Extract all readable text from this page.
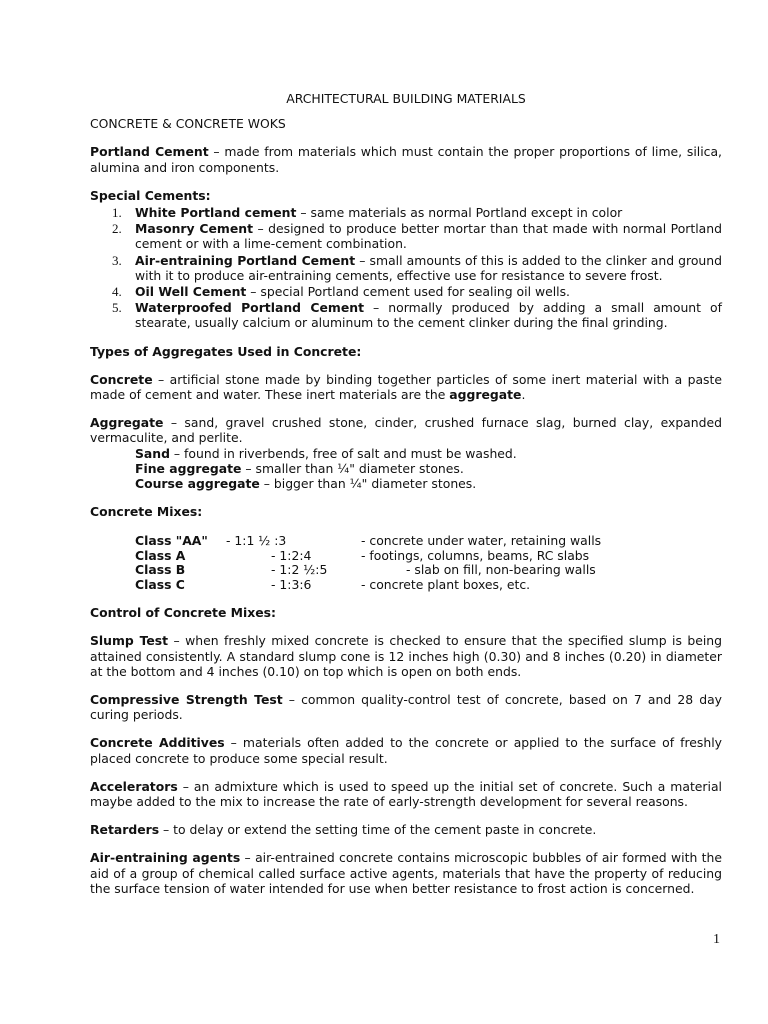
ARCHITECTURAL BUILDING MATERIALS

CONCRETE & CONCRETE WOKS

Portland Cement – made from materials which must contain the proper proportions of lime, silica, alumina and iron components.

Special Cements:

1. White Portland cement – same materials as normal Portland except in color
2. Masonry Cement – designed to produce better mortar than that made with normal Portland cement or with a lime-cement combination.
3. Air-entraining Portland Cement – small amounts of this is added to the clinker and ground with it to produce air-entraining cements, effective use for resistance to severe frost.
4. Oil Well Cement – special Portland cement used for sealing oil wells.
5. Waterproofed Portland Cement – normally produced by adding a small amount of stearate, usually calcium or aluminum to the cement clinker during the final grinding.

Types of Aggregates Used in Concrete:

Concrete – artificial stone made by binding together particles of some inert material with a paste made of cement and water. These inert materials are the aggregate.

Aggregate – sand, gravel crushed stone, cinder, crushed furnace slag, burned clay, expanded vermaculite, and perlite.
Sand – found in riverbends, free of salt and must be washed.
Fine aggregate – smaller than ¼" diameter stones.
Course aggregate – bigger than ¼" diameter stones.

Concrete Mixes:

Class "AA"	- 1:1 ½ :3	- concrete under water, retaining walls
Class A	- 1:2:4	- footings, columns, beams, RC slabs
Class B	- 1:2 ½:5	- slab on fill, non-bearing walls
Class C	- 1:3:6	- concrete plant boxes, etc.

Control of Concrete Mixes:

Slump Test – when freshly mixed concrete is checked to ensure that the specified slump is being attained consistently. A standard slump cone is 12 inches high (0.30) and 8 inches (0.20) in diameter at the bottom and 4 inches (0.10) on top which is open on both ends.

Compressive Strength Test – common quality-control test of concrete, based on 7 and 28 day curing periods.

Concrete Additives – materials often added to the concrete or applied to the surface of freshly placed concrete to produce some special result.

Accelerators – an admixture which is used to speed up the initial set of concrete. Such a material maybe added to the mix to increase the rate of early-strength development for several reasons.

Retarders – to delay or extend the setting time of the cement paste in concrete.

Air-entraining agents – air-entrained concrete contains microscopic bubbles of air formed with the aid of a group of chemical called surface active agents, materials that have the property of reducing the surface tension of water intended for use when better resistance to frost action is concerned.

1
